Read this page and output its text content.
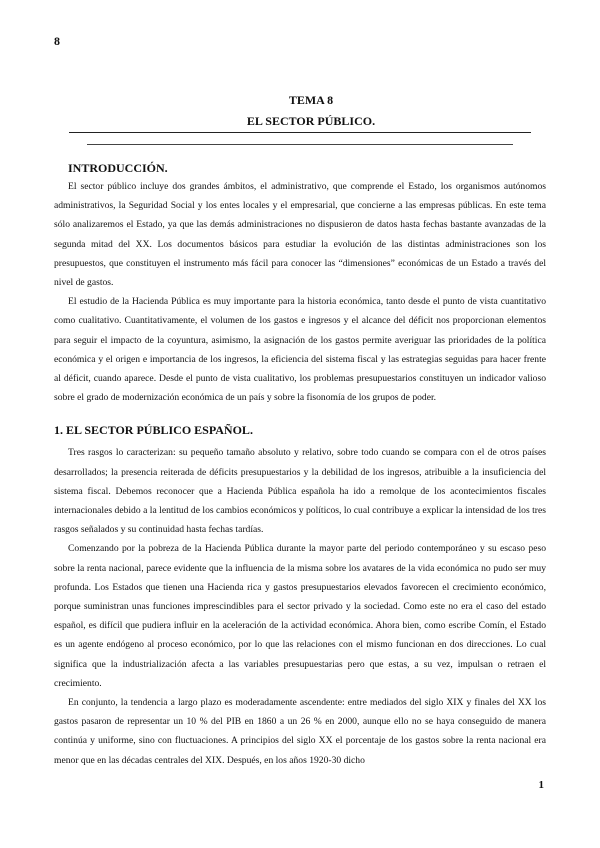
8
TEMA 8
EL SECTOR PÚBLICO.
INTRODUCCIÓN.

El sector público incluye dos grandes ámbitos, el administrativo, que comprende el Estado, los organismos autónomos administrativos, la Seguridad Social y los entes locales y el empresarial, que concierne a las empresas públicas. En este tema sólo analizaremos el Estado, ya que las demás administraciones no dispusieron de datos hasta fechas bastante avanzadas de la segunda mitad del XX. Los documentos básicos para estudiar la evolución de las distintas administraciones son los presupuestos, que constituyen el instrumento más fácil para conocer las “dimensiones” económicas de un Estado a través del nivel de gastos.

El estudio de la Hacienda Pública es muy importante para la historia económica, tanto desde el punto de vista cuantitativo como cualitativo. Cuantitativamente, el volumen de los gastos e ingresos y el alcance del déficit nos proporcionan elementos para seguir el impacto de la coyuntura, asimismo, la asignación de los gastos permite averiguar las prioridades de la política económica y el origen e importancia de los ingresos, la eficiencia del sistema fiscal y las estrategias seguidas para hacer frente al déficit, cuando aparece. Desde el punto de vista cualitativo, los problemas presupuestarios constituyen un indicador valioso sobre el grado de modernización económica de un país y sobre la fisonomía de los grupos de poder.

1. EL SECTOR PÚBLICO ESPAÑOL.

Tres rasgos lo caracterizan: su pequeño tamaño absoluto y relativo, sobre todo cuando se compara con el de otros países desarrollados; la presencia reiterada de déficits presupuestarios y la debilidad de los ingresos, atribuible a la insuficiencia del sistema fiscal. Debemos reconocer que a Hacienda Pública española ha ido a remolque de los acontecimientos fiscales internacionales debido a la lentitud de los cambios económicos y políticos, lo cual contribuye a explicar la intensidad de los tres rasgos señalados y su continuidad hasta fechas tardías.

Comenzando por la pobreza de la Hacienda Pública durante la mayor parte del periodo contemporáneo y su escaso peso sobre la renta nacional, parece evidente que la influencia de la misma sobre los avatares de la vida económica no pudo ser muy profunda. Los Estados que tienen una Hacienda rica y gastos presupuestarios elevados favorecen el crecimiento económico, porque suministran unas funciones imprescindibles para el sector privado y la sociedad. Como este no era el caso del estado español, es difícil que pudiera influir en la aceleración de la actividad económica. Ahora bien, como escribe Comín, el Estado es un agente endógeno al proceso económico, por lo que las relaciones con el mismo funcionan en dos direcciones. Lo cual significa que la industrialización afecta a las variables presupuestarias pero que estas, a su vez, impulsan o retraen el crecimiento.

En conjunto, la tendencia a largo plazo es moderadamente ascendente: entre mediados del siglo XIX y finales del XX los gastos pasaron de representar un 10 % del PIB en 1860 a un 26 % en 2000, aunque ello no se haya conseguido de manera continúa y uniforme, sino con fluctuaciones. A principios del siglo XX el porcentaje de los gastos sobre la renta nacional era menor que en las décadas centrales del XIX. Después, en los años 1920-30 dicho

1
